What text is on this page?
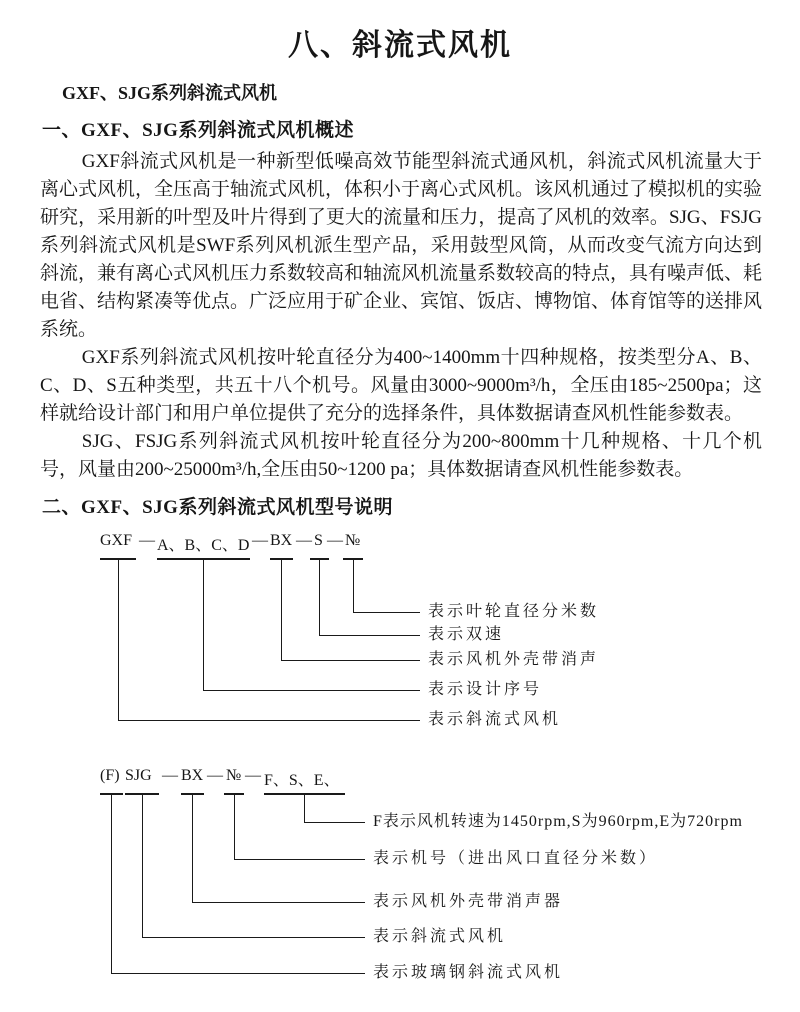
八、斜流式风机

GXF、SJG系列斜流式风机

一、GXF、SJG系列斜流式风机概述

GXF斜流式风机是一种新型低噪高效节能型斜流式通风机，斜流式风机流量大于离心式风机，全压高于轴流式风机，体积小于离心式风机。该风机通过了模拟机的实验研究，采用新的叶型及叶片得到了更大的流量和压力，提高了风机的效率。SJG、FSJG系列斜流式风机是SWF系列风机派生型产品，采用鼓型风筒，从而改变气流方向达到斜流，兼有离心式风机压力系数较高和轴流风机流量系数较高的特点，具有噪声低、耗电省、结构紧凑等优点。广泛应用于矿企业、宾馆、饭店、博物馆、体育馆等的送排风系统。

GXF系列斜流式风机按叶轮直径分为400~1400mm十四种规格，按类型分A、B、C、D、S五种类型，共五十八个机号。风量由3000~9000m³/h，全压由185~2500pa；这样就给设计部门和用户单位提供了充分的选择条件，具体数据请查风机性能参数表。

SJG、FSJG系列斜流式风机按叶轮直径分为200~800mm十几种规格、十几个机号，风量由200~25000m³/h,全压由50~1200 pa；具体数据请查风机性能参数表。

二、GXF、SJG系列斜流式风机型号说明
GXF — A、B、C、D — BX — S — №
表示叶轮直径分米数
表示双速
表示风机外壳带消声
表示设计序号
表示斜流式风机
(F) SJG — BX — № — F、S、E、
F表示风机转速为1450rpm,S为960rpm,E为720rpm
表示机号（进出风口直径分米数）
表示风机外壳带消声器
表示斜流式风机
表示玻璃钢斜流式风机
